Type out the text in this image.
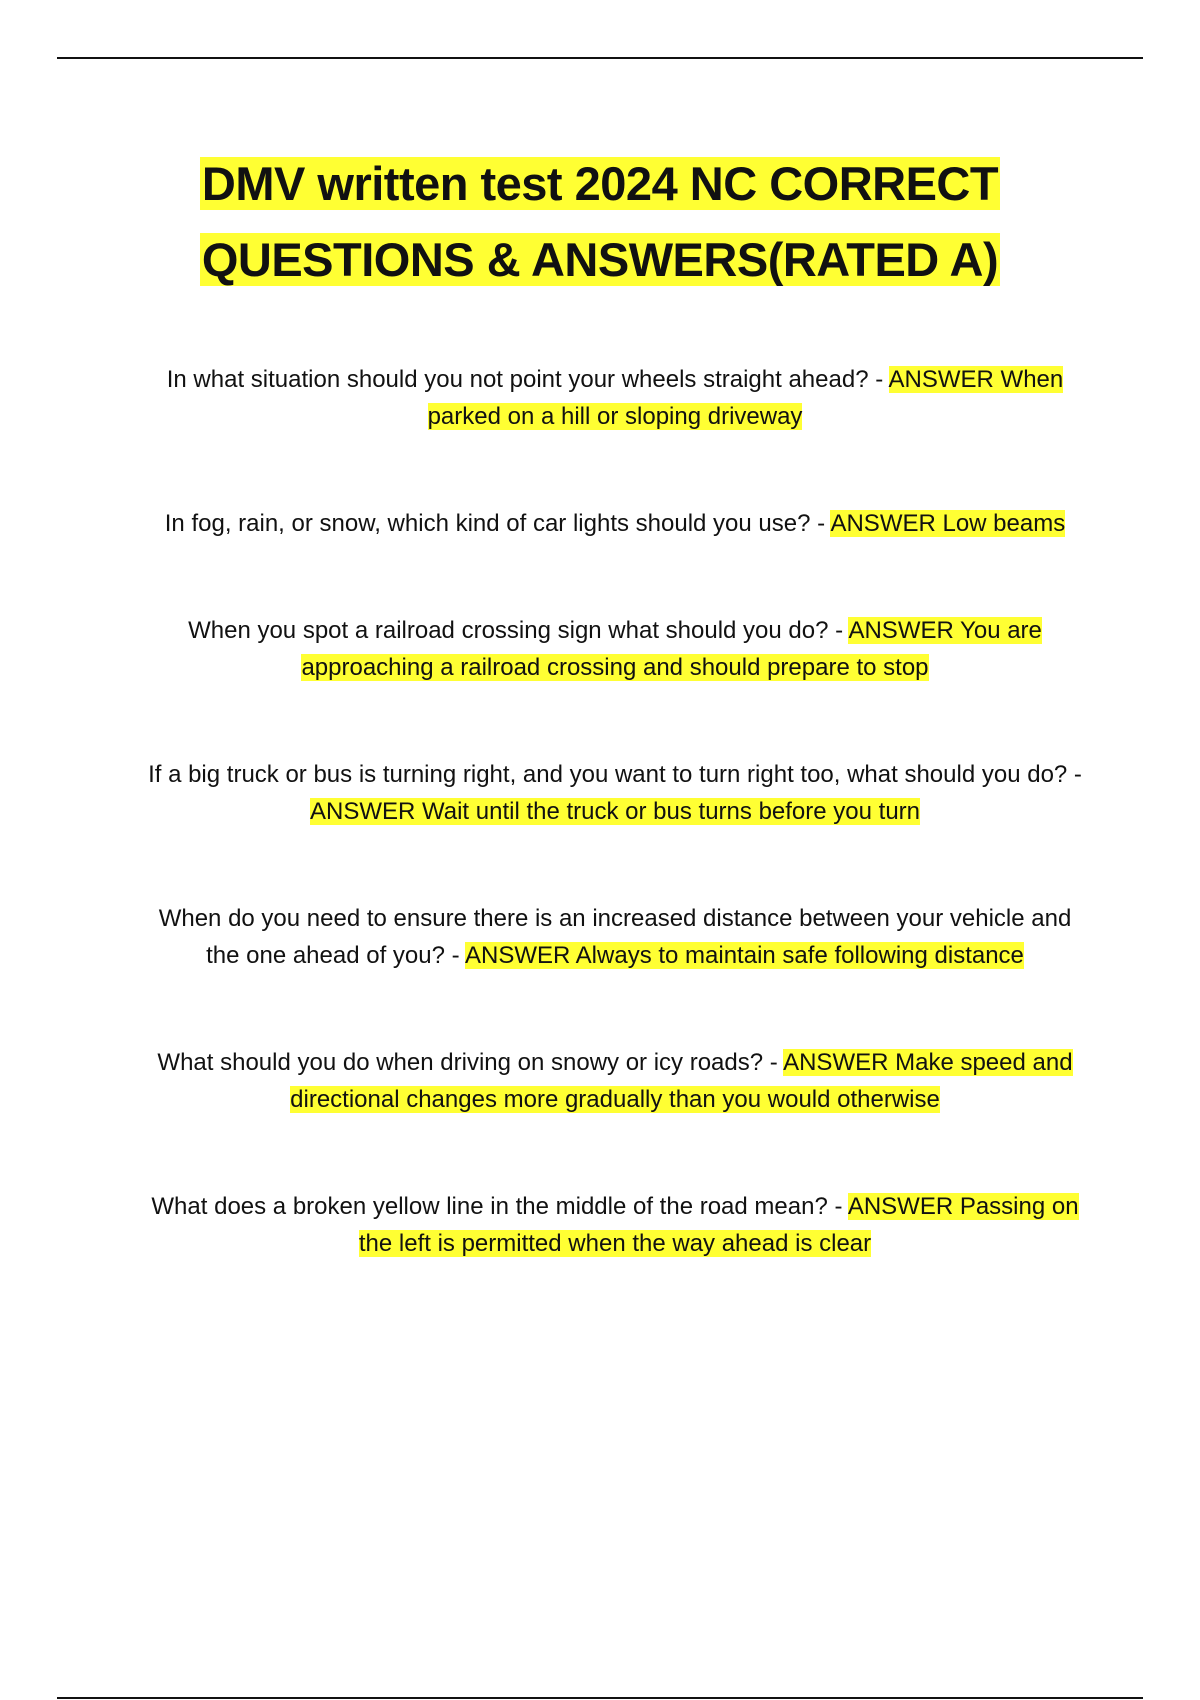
DMV written test 2024 NC CORRECT QUESTIONS & ANSWERS(RATED A)
In what situation should you not point your wheels straight ahead? - ANSWER When parked on a hill or sloping driveway
In fog, rain, or snow, which kind of car lights should you use? - ANSWER Low beams
When you spot a railroad crossing sign what should you do? - ANSWER You are approaching a railroad crossing and should prepare to stop
If a big truck or bus is turning right, and you want to turn right too, what should you do? - ANSWER Wait until the truck or bus turns before you turn
When do you need to ensure there is an increased distance between your vehicle and the one ahead of you? - ANSWER Always to maintain safe following distance
What should you do when driving on snowy or icy roads? - ANSWER Make speed and directional changes more gradually than you would otherwise
What does a broken yellow line in the middle of the road mean? - ANSWER Passing on the left is permitted when the way ahead is clear
